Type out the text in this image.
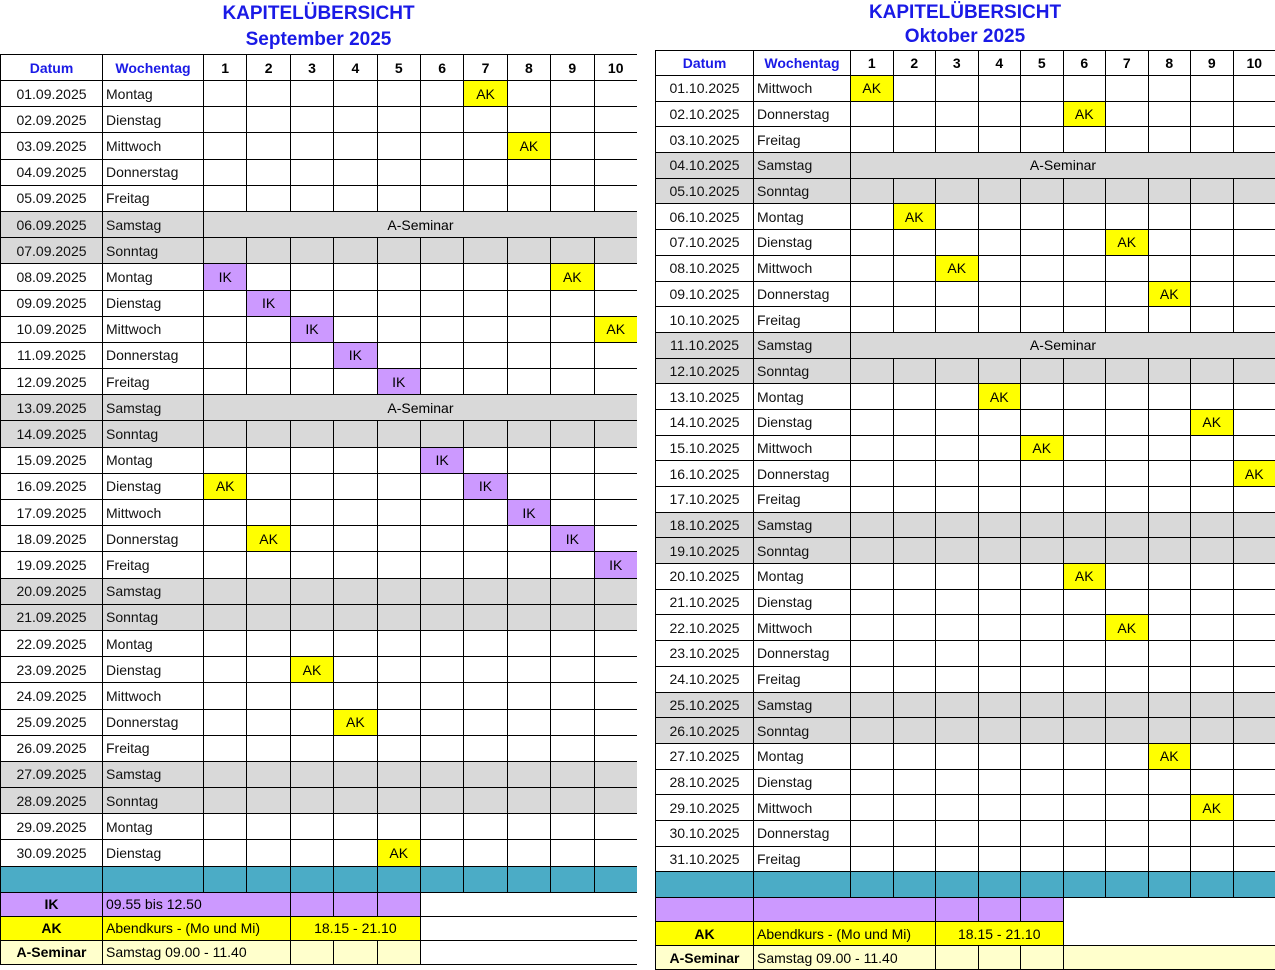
KAPITELÜBERSICHT
September 2025
Datum	Wochentag	1	2	3	4	5	6	7	8	9	10
01.09.2025	Montag							AK			
02.09.2025	Dienstag										
03.09.2025	Mittwoch								AK		
04.09.2025	Donnerstag										
05.09.2025	Freitag										
06.09.2025	Samstag	A-Seminar									
07.09.2025	Sonntag										
08.09.2025	Montag	IK								AK	
09.09.2025	Dienstag		IK								
10.09.2025	Mittwoch			IK							AK
11.09.2025	Donnerstag				IK						
12.09.2025	Freitag					IK					
13.09.2025	Samstag	A-Seminar									
14.09.2025	Sonntag										
15.09.2025	Montag						IK				
16.09.2025	Dienstag	AK						IK			
17.09.2025	Mittwoch								IK		
18.09.2025	Donnerstag		AK							IK	
19.09.2025	Freitag										IK
20.09.2025	Samstag										
21.09.2025	Sonntag										
22.09.2025	Montag										
23.09.2025	Dienstag			AK							
24.09.2025	Mittwoch										
25.09.2025	Donnerstag				AK						
26.09.2025	Freitag										
27.09.2025	Samstag										
28.09.2025	Sonntag										
29.09.2025	Montag										
30.09.2025	Dienstag					AK					

IK	09.55 bis 12.50										
AK	Abendkurs - (Mo und Mi)			18.15 - 21.10							
A-Seminar	Samstag 09.00 - 11.40										
KAPITELÜBERSICHT
Oktober 2025
Datum	Wochentag	1	2	3	4	5	6	7	8	9	10
01.10.2025	Mittwoch	AK									
02.10.2025	Donnerstag						AK				
03.10.2025	Freitag										
04.10.2025	Samstag	A-Seminar									
05.10.2025	Sonntag										
06.10.2025	Montag		AK								
07.10.2025	Dienstag							AK			
08.10.2025	Mittwoch			AK							
09.10.2025	Donnerstag								AK		
10.10.2025	Freitag										
11.10.2025	Samstag	A-Seminar									
12.10.2025	Sonntag										
13.10.2025	Montag				AK						
14.10.2025	Dienstag									AK	
15.10.2025	Mittwoch					AK					
16.10.2025	Donnerstag										AK
17.10.2025	Freitag										
18.10.2025	Samstag										
19.10.2025	Sonntag										
20.10.2025	Montag						AK				
21.10.2025	Dienstag										
22.10.2025	Mittwoch							AK			
23.10.2025	Donnerstag										
24.10.2025	Freitag										
25.10.2025	Samstag										
26.10.2025	Sonntag										
27.10.2025	Montag								AK		
28.10.2025	Dienstag										
29.10.2025	Mittwoch									AK	
30.10.2025	Donnerstag										
31.10.2025	Freitag										

AK	Abendkurs - (Mo und Mi)			18.15 - 21.10							
A-Seminar	Samstag 09.00 - 11.40										
